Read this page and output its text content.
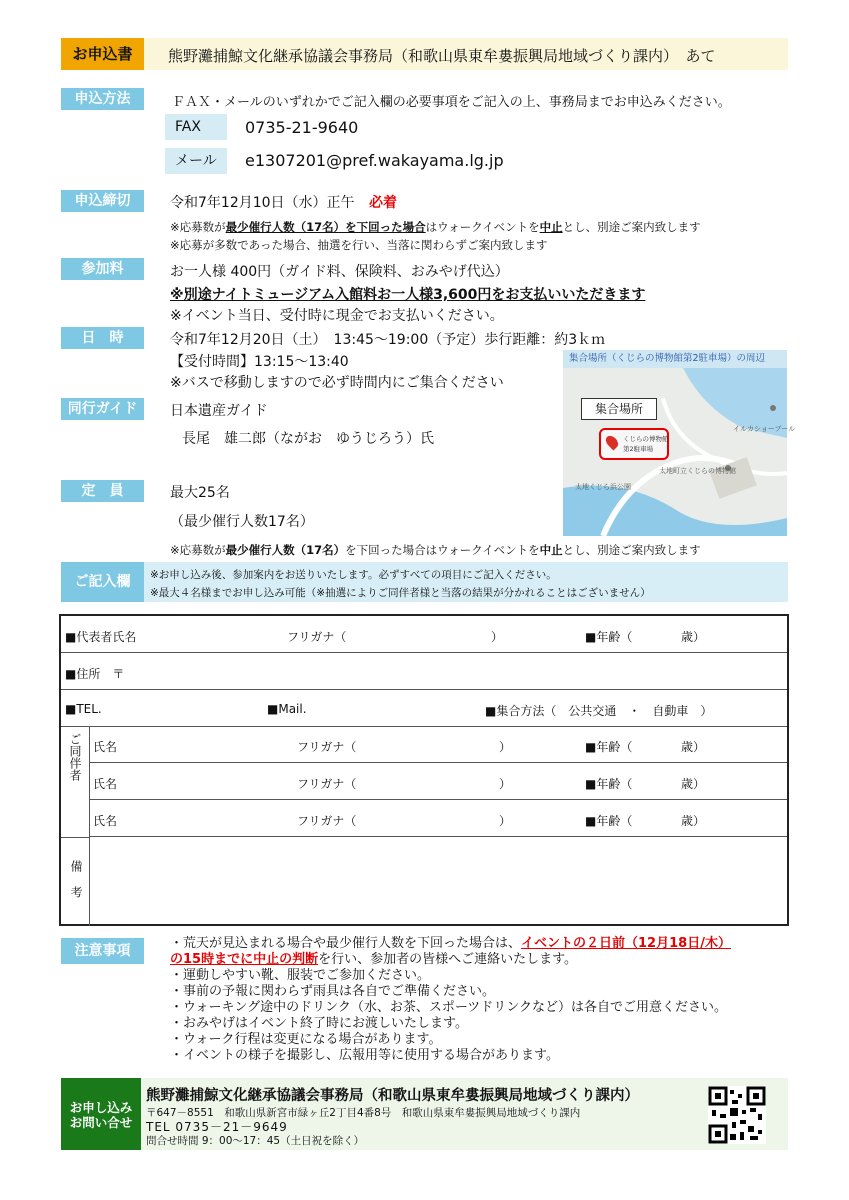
お申込書	熊野灘捕鯨文化継承協議会事務局（和歌山県東牟婁振興局地域づくり課内）　あて
申込方法	ＦＡＸ・メールのいずれかでご記入欄の必要事項をご記入の上、事務局までお申込みください。
FAX	0735-21-9640
メール	e1307201@pref.wakayama.lg.jp
申込締切	令和7年12月10日（水）正午 必着
※応募数が最少催行人数（17名）を下回った場合はウォークイベントを中止とし、別途ご案内致します
※応募が多数であった場合、抽選を行い、当落に関わらずご案内致します
参加料	お一人様 400円（ガイド料、保険料、おみやげ代込）
※別途ナイトミュージアム入館料お一人様3,600円をお支払いいただきます
※イベント当日、受付時に現金でお支払いください。
日　時	令和7年12月20日（土）　13:45～19:00（予定）歩行距離：約3ｋｍ
【受付時間】13:15～13:40
※バスで移動しますので必ず時間内にご集合ください
同行ガイド	日本遺産ガイド
長尾　雄二郎（ながお　ゆうじろう）氏
定　員	最大25名
（最少催行人数17名）
※応募数が最少催行人数（17名）を下回った場合はウォークイベントを中止とし、別途ご案内致します
集合場所（くじらの博物館第2駐車場）の周辺
集合場所
くじらの博物館
第2駐車場
イルカショープール
太地町立くじらの博物館
太地くじら浜公園
ご記入欄	※お申し込み後、参加案内をお送りいたします。必ずすべての項目にご記入ください。
※最大４名様までお申し込み可能（※抽選によりご同伴者様と当落の結果が分かれることはございません）
■代表者氏名	フリガナ（	）	■年齢（	歳）
■住所　〒
■TEL.	■Mail.	■集合方法（　公共交通　・　自動車　）
ご同伴者 氏名	フリガナ（	）	■年齢（	歳）
氏名	フリガナ（	）	■年齢（	歳）
氏名	フリガナ（	）	■年齢（	歳）
備考
注意事項	・荒天が見込まれる場合や最少催行人数を下回った場合は、イベントの２日前（12月18日/木）
の15時までに中止の判断を行い、参加者の皆様へご連絡いたします。
・運動しやすい靴、服装でご参加ください。
・事前の予報に関わらず雨具は各自でご準備ください。
・ウォーキング途中のドリンク（水、お茶、スポーツドリンクなど）は各自でご用意ください。
・おみやげはイベント終了時にお渡しいたします。
・ウォーク行程は変更になる場合があります。
・イベントの様子を撮影し、広報用等に使用する場合があります。
お申し込み
お問い合せ
熊野灘捕鯨文化継承協議会事務局（和歌山県東牟婁振興局地域づくり課内）
〒647－8551　和歌山県新宮市緑ヶ丘2丁目4番8号　和歌山県東牟婁振興局地域づくり課内
TEL 0735－21－9649
問合せ時間 9：00～17：45（土日祝を除く）
